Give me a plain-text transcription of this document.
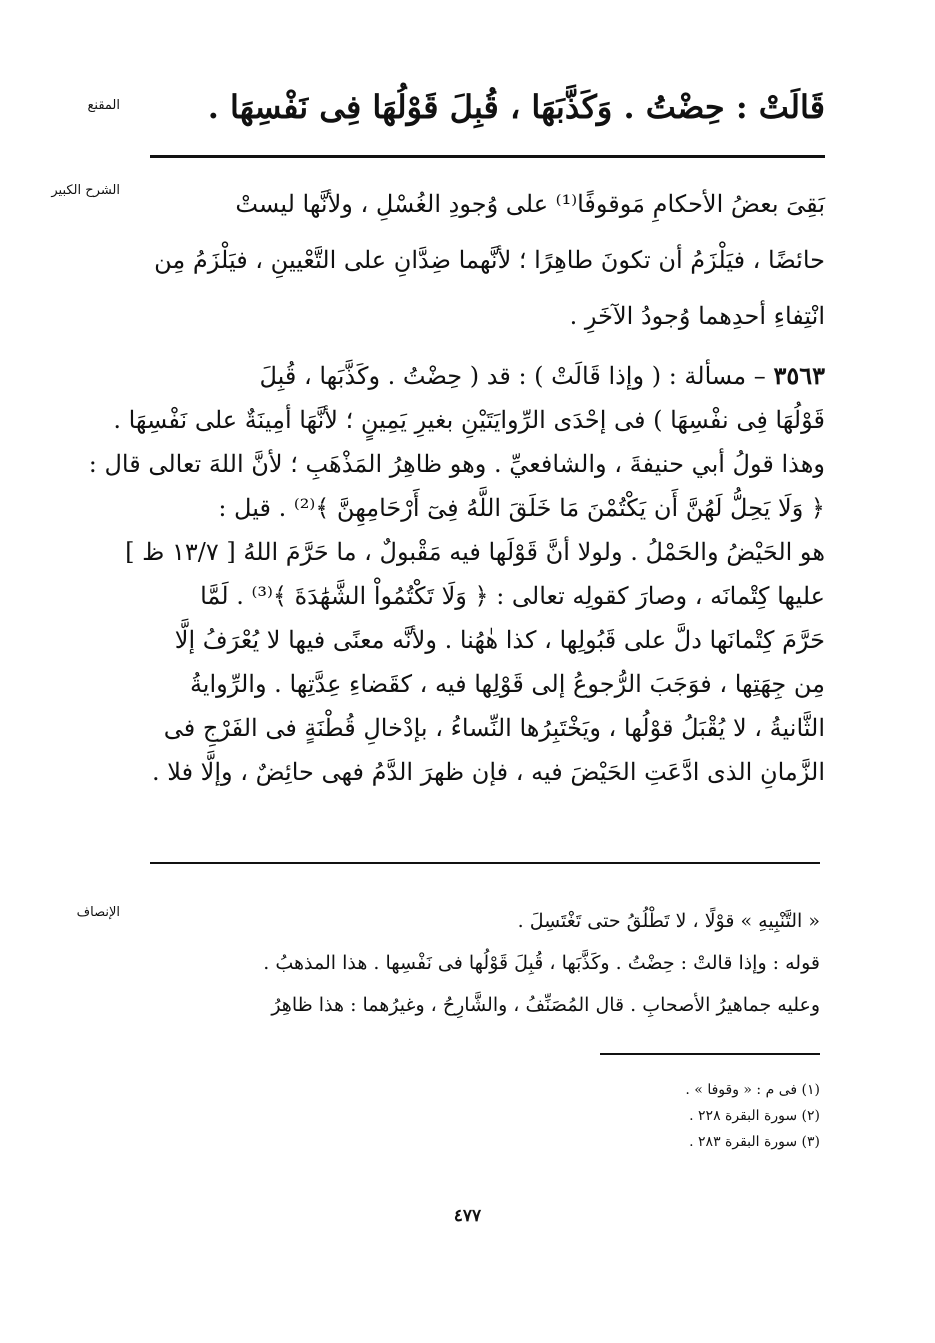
المقنع	قَالَتْ : حِضْتُ . وَكَذَّبَهَا ، قُبِلَ قَوْلُهَا فِى نَفْسِهَا .
الشرح الكبير	بَقِىَ بعضُ الأحكامِ مَوقوفًا⁽¹⁾ على وُجودِ الغُسْلِ ، ولأنَّها ليستْ
حائضًا ، فيَلْزَمُ أن تكونَ طاهِرًا ؛ لأنَّهما ضِدَّانِ على التَّعْيينِ ، فيَلْزَمُ مِن
انْتِفاءِ أحدِهما وُجودُ الآخَرِ .
٣٥٦٣ – مسألة : ( وإذا قَالَتْ ) : قد ( حِضْتُ . وكَذَّبَها ، قُبِلَ
قَوْلُهَا فِى نفْسِهَا ) فى إحْدَى الرِّوايَتَيْنِ بغيرِ يَمِينٍ ؛ لأنَّهَا أمِينَةٌ على نَفْسِهَا .
وهذا قولُ أبي حنيفةَ ، والشافعيِّ . وهو ظاهِرُ المَذْهَبِ ؛ لأنَّ اللهَ تعالى قال :
﴿ وَلَا يَحِلُّ لَهُنَّ أَن يَكْتُمْنَ مَا خَلَقَ اللَّهُ فِىٓ أَرْحَامِهِنَّ ﴾⁽²⁾ . قيل :
هو الحَيْضُ والحَمْلُ . ولولا أنَّ قَوْلَها فيه مَقْبولٌ ، ما حَرَّمَ اللهُ [ ١٣/٧ ظ ]
عليها كِتْمانَه ، وصارَ كقولِه تعالى : ﴿ وَلَا تَكْتُمُواْ الشَّهَٰدَةَ ﴾⁽³⁾ . لَمَّا
حَرَّمَ كِتْمانَها دلَّ على قَبُولِها ، كذا هٰهُنا . ولأنَّه معنًى فيها لا يُعْرَفُ إلَّا
مِن جِهَتِها ، فوَجَبَ الرُّجوعُ إلى قَوْلِها فيه ، كقَضاءِ عِدَّتِها . والرِّوايةُ
الثَّانيةُ ، لا يُقْبَلُ قوْلُها ، ويَخْتَبِرُها النِّساءُ ، بإدْخالِ قُطْنَةٍ فى الفَرْجِ فى
الزَّمانِ الذى ادَّعَتِ الحَيْضَ فيه ، فإن ظهرَ الدَّمُ فهى حائِضٌ ، وإلَّا فلا .
الإنصاف	« التَّنْبِيهِ » قوْلًا ، لا تَطْلُقُ حتى تَغْتَسِلَ .
قوله : وإذا قالتْ : حِضْتُ . وكَذَّبَها ، قُبِلَ قَوْلُها فى نَفْسِها . هذا المذهبُ .
وعليه جماهيرُ الأصحابِ . قال المُصَنِّفُ ، والشَّارِحُ ، وغيرُهما : هذا ظاهِرُ
(١) فى م : « وقوفا » .
(٢) سورة البقرة ٢٢٨ .
(٣) سورة البقرة ٢٨٣ .
٤٧٧
